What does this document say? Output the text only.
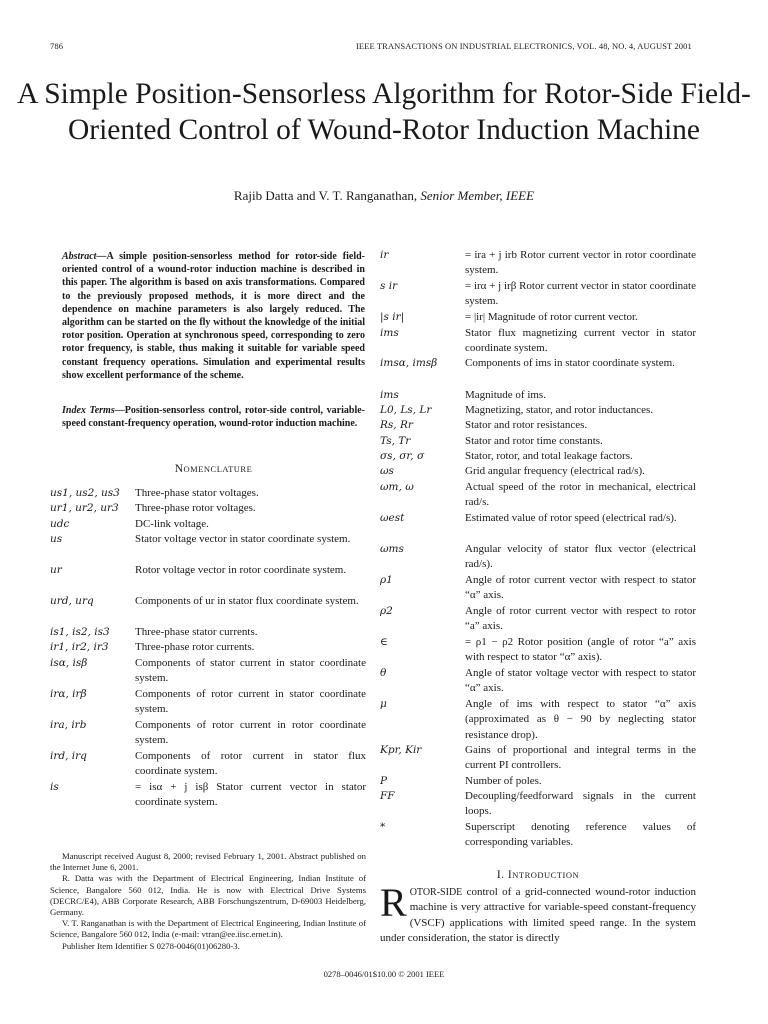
786	IEEE TRANSACTIONS ON INDUSTRIAL ELECTRONICS, VOL. 48, NO. 4, AUGUST 2001
A Simple Position-Sensorless Algorithm for Rotor-Side Field-Oriented Control of Wound-Rotor Induction Machine
Rajib Datta and V. T. Ranganathan, Senior Member, IEEE
Abstract—A simple position-sensorless method for rotor-side field-oriented control of a wound-rotor induction machine is described in this paper. The algorithm is based on axis transformations. Compared to the previously proposed methods, it is more direct and the dependence on machine parameters is also largely reduced. The algorithm can be started on the fly without the knowledge of the initial rotor position. Operation at synchronous speed, corresponding to zero rotor frequency, is stable, thus making it suitable for variable speed constant frequency operations. Simulation and experimental results show excellent performance of the scheme.
Index Terms—Position-sensorless control, rotor-side control, variable-speed constant-frequency operation, wound-rotor induction machine.
NOMENCLATURE
us1, us2, us3	Three-phase stator voltages.
ur1, ur2, ur3	Three-phase rotor voltages.
udc	DC-link voltage.
us	Stator voltage vector in stator coordinate system.
ur	Rotor voltage vector in rotor coordinate system.
urd, urq	Components of ur in stator flux coordinate system.
is1, is2, is3	Three-phase stator currents.
ir1, ir2, ir3	Three-phase rotor currents.
isα, isβ	Components of stator current in stator coordinate system.
irα, irβ	Components of rotor current in stator coordinate system.
ira, irb	Components of rotor current in rotor coordinate system.
ird, irq	Components of rotor current in stator flux coordinate system.
is	= isα + j isβ Stator current vector in stator coordinate system.
ir	= ira + j irb Rotor current vector in rotor coordinate system.
s ir	= irα + j irβ Rotor current vector in stator coordinate system.
|s ir|	= |ir| Magnitude of rotor current vector.
ims	Stator flux magnetizing current vector in stator coordinate system.
imsα, imsβ	Components of ims in stator coordinate system.
ims	Magnitude of ims.
L0, Ls, Lr	Magnetizing, stator, and rotor inductances.
Rs, Rr	Stator and rotor resistances.
Ts, Tr	Stator and rotor time constants.
σs, σr, σ	Stator, rotor, and total leakage factors.
ωs	Grid angular frequency (electrical rad/s).
ωm, ω	Actual speed of the rotor in mechanical, electrical rad/s.
ωest	Estimated value of rotor speed (electrical rad/s).
ωms	Angular velocity of stator flux vector (electrical rad/s).
ρ1	Angle of rotor current vector with respect to stator “α” axis.
ρ2	Angle of rotor current vector with respect to rotor “a” axis.
∈	= ρ1 − ρ2 Rotor position (angle of rotor “a” axis with respect to stator “α” axis).
θ	Angle of stator voltage vector with respect to stator “α” axis.
μ	Angle of ims with respect to stator “α” axis (approximated as θ − 90 by neglecting stator resistance drop).
Kpr, Kir	Gains of proportional and integral terms in the current PI controllers.
P	Number of poles.
FF	Decoupling/feedforward signals in the current loops.
*	Superscript denoting reference values of corresponding variables.

Manuscript received August 8, 2000; revised February 1, 2001. Abstract published on the Internet June 6, 2001.

R. Datta was with the Department of Electrical Engineering, Indian Institute of Science, Bangalore 560 012, India. He is now with Electrical Drive Systems (DECRC/E4), ABB Corporate Research, ABB Forschungszentrum, D-69003 Heidelberg, Germany.

V. T. Ranganathan is with the Department of Electrical Engineering, Indian Institute of Science, Bangalore 560 012, India (e-mail: vtran@ee.iisc.ernet.in).

Publisher Item Identifier S 0278-0046(01)06280-3.

I. INTRODUCTION
ROTOR-SIDE control of a grid-connected wound-rotor induction machine is very attractive for variable-speed constant-frequency (VSCF) applications with limited speed range. In the system under consideration, the stator is directly
0278–0046/01$10.00 © 2001 IEEE
